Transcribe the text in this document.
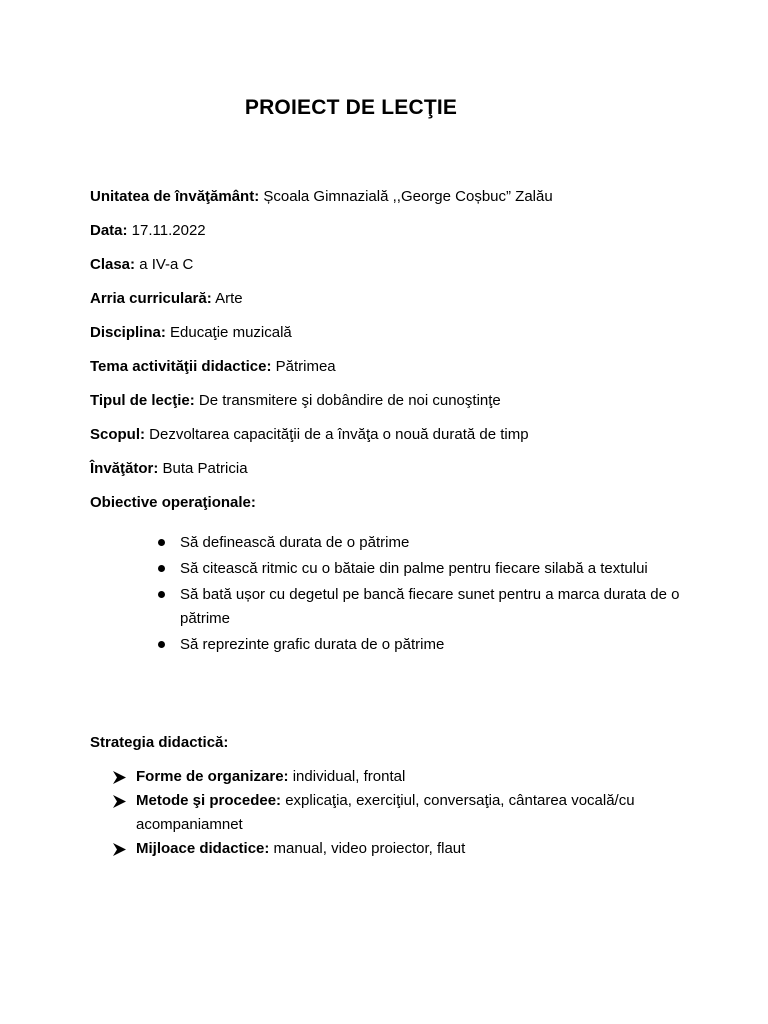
PROIECT DE LECŢIE
Unitatea de învăţământ: Școala Gimnazială ,,George Coșbuc” Zalău
Data: 17.11.2022
Clasa: a IV-a C
Arria curriculară: Arte
Disciplina: Educaţie muzicală
Tema activităţii didactice: Pătrimea
Tipul de lecţie: De transmitere şi dobândire de noi cunoştinţe
Scopul: Dezvoltarea capacităţii de a învăţa o nouă durată de timp
Învăţător: Buta Patricia
Obiective operaţionale:
Să definească durata de o pătrime
Să citească ritmic cu o bătaie din palme pentru fiecare silabă a textului
Să bată ușor cu degetul pe bancă fiecare sunet pentru a marca durata de o pătrime
Să reprezinte grafic durata de o pătrime
Strategia didactică:
Forme de organizare: individual, frontal
Metode şi procedee: explicaţia, exerciţiul, conversaţia, cântarea vocală/cu acompaniamnet
Mijloace didactice: manual, video proiector, flaut
